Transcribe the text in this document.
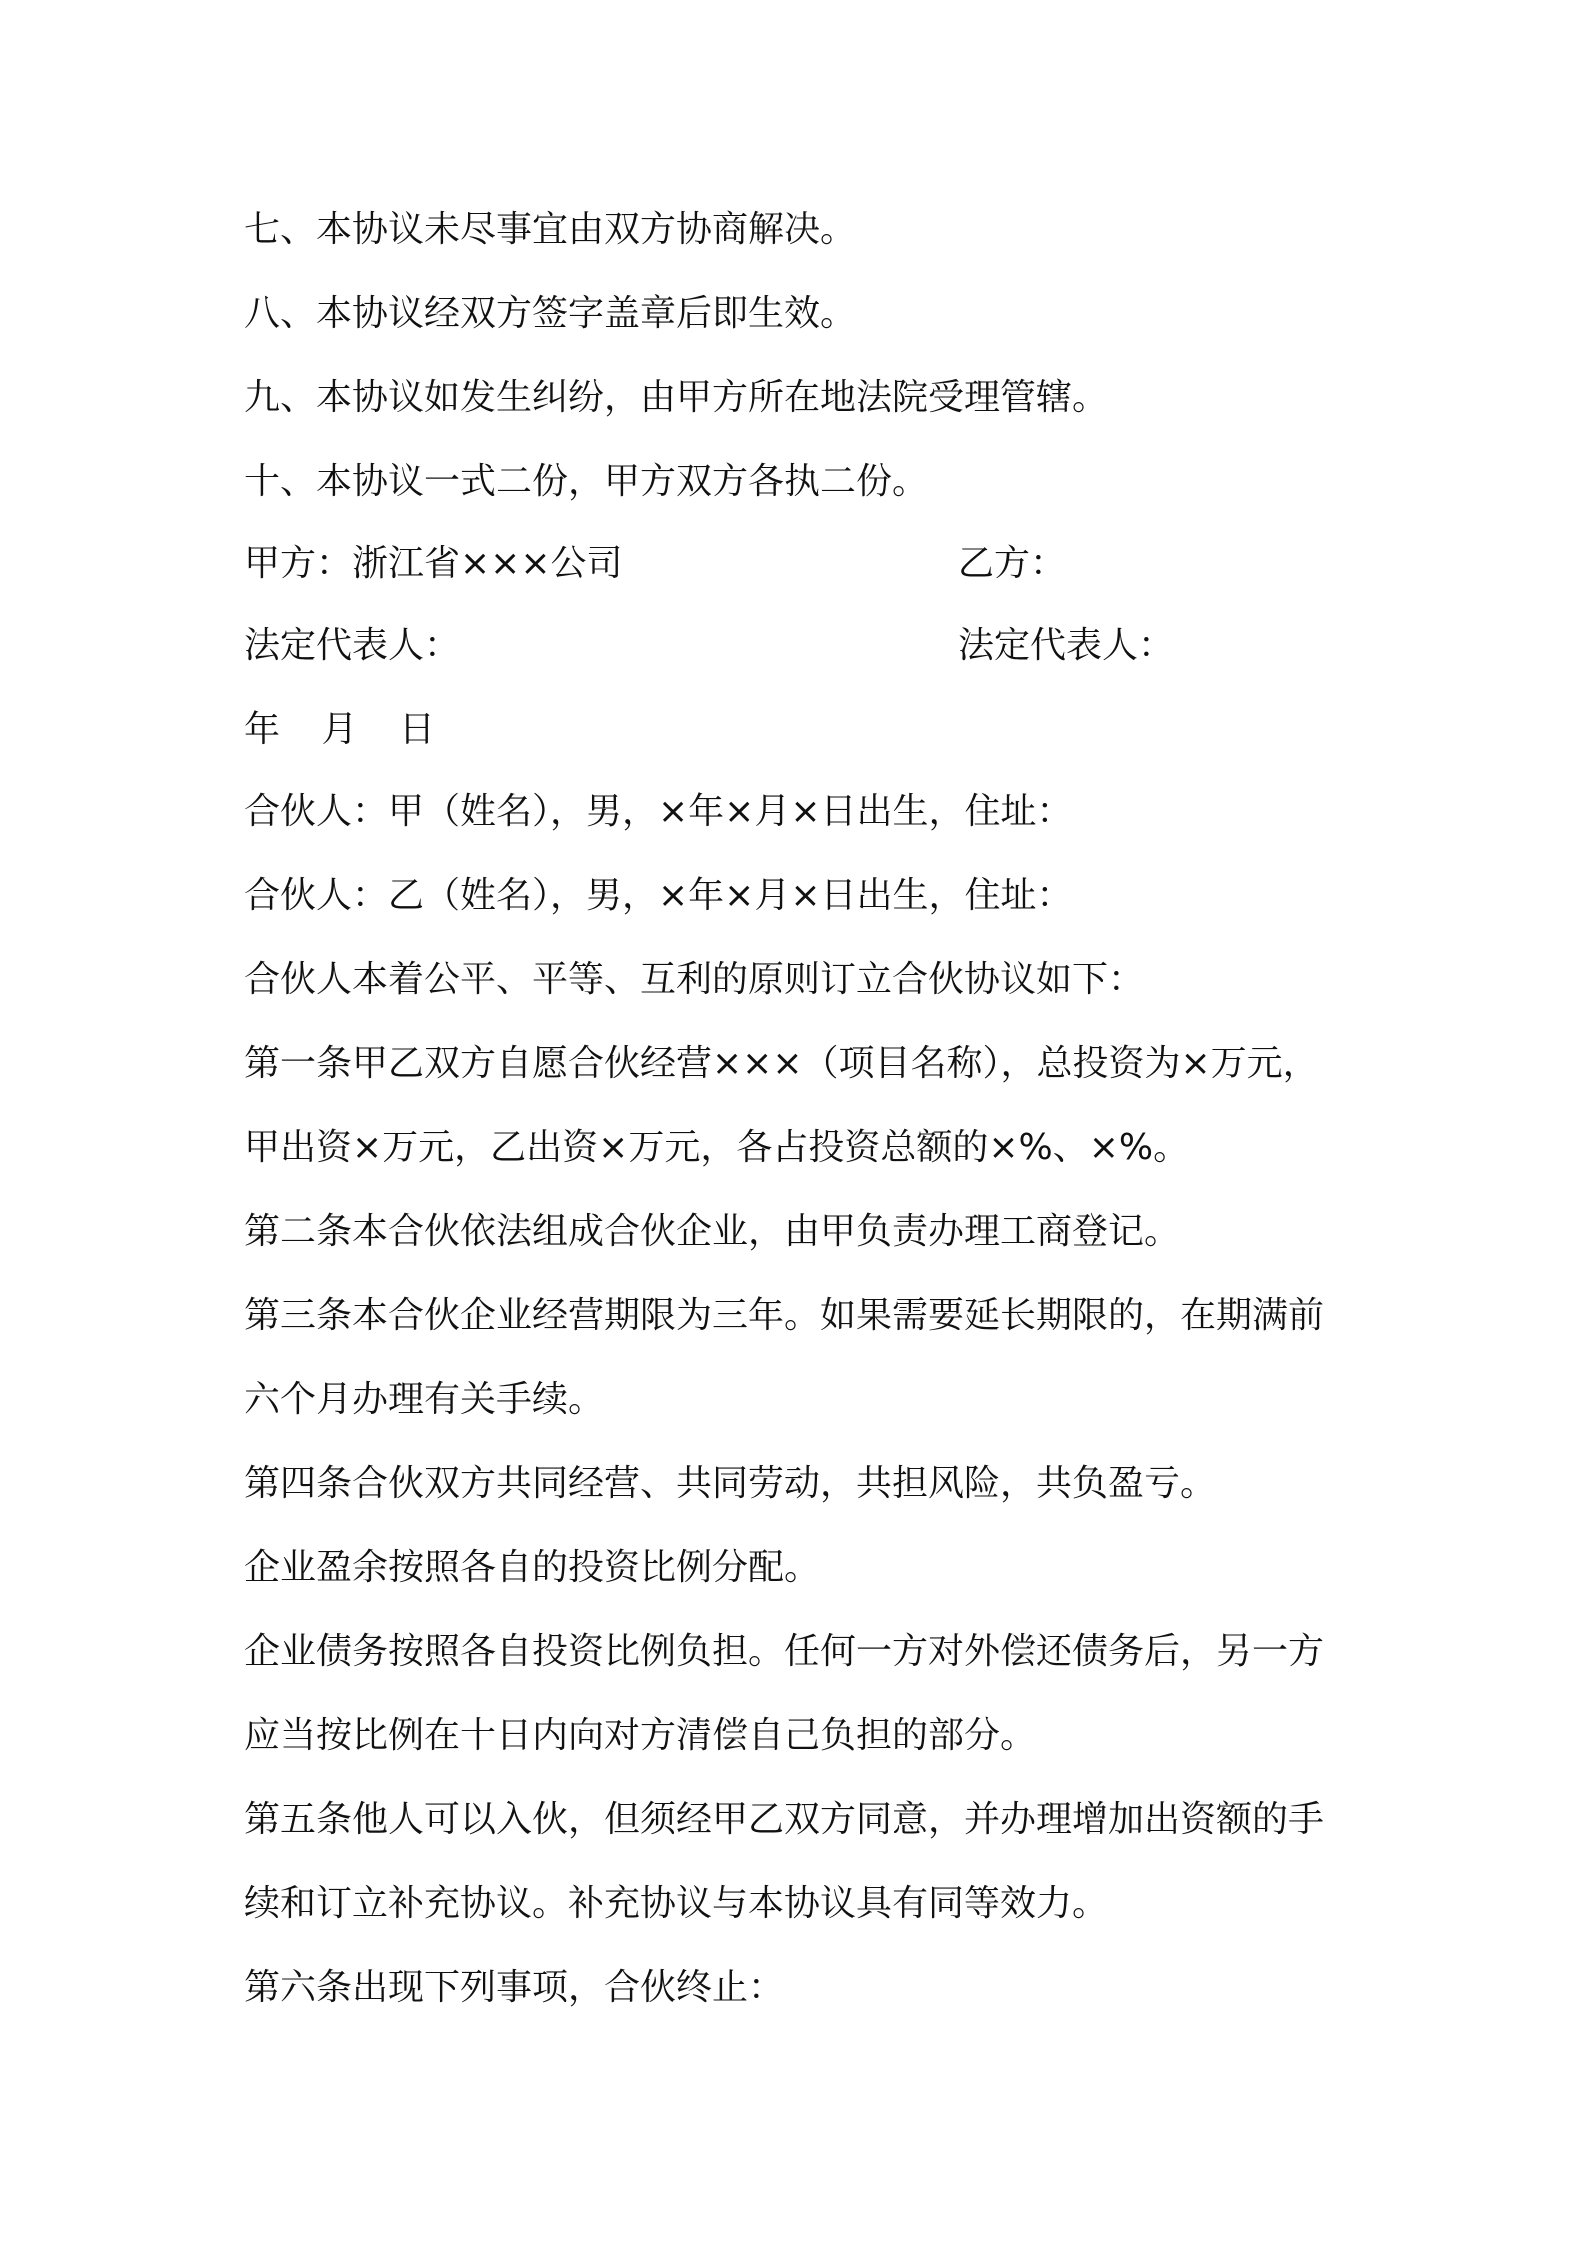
七、本协议未尽事宜由双方协商解决。
八、本协议经双方签字盖章后即生效。
九、本协议如发生纠纷，由甲方所在地法院受理管辖。
十、本协议一式二份，甲方双方各执二份。
甲方：浙江省×××公司	乙方：
法定代表人：	法定代表人：
年 月 日
合伙人：甲（姓名），男，×年×月×日出生，住址：
合伙人：乙（姓名），男，×年×月×日出生，住址：
合伙人本着公平、平等、互利的原则订立合伙协议如下：
第一条甲乙双方自愿合伙经营×××（项目名称），总投资为×万元，
甲出资×万元，乙出资×万元，各占投资总额的×%、×%。
第二条本合伙依法组成合伙企业，由甲负责办理工商登记。
第三条本合伙企业经营期限为三年。如果需要延长期限的，在期满前
六个月办理有关手续。
第四条合伙双方共同经营、共同劳动，共担风险，共负盈亏。
企业盈余按照各自的投资比例分配。
企业债务按照各自投资比例负担。任何一方对外偿还债务后，另一方
应当按比例在十日内向对方清偿自己负担的部分。
第五条他人可以入伙，但须经甲乙双方同意，并办理增加出资额的手
续和订立补充协议。补充协议与本协议具有同等效力。
第六条出现下列事项，合伙终止：
